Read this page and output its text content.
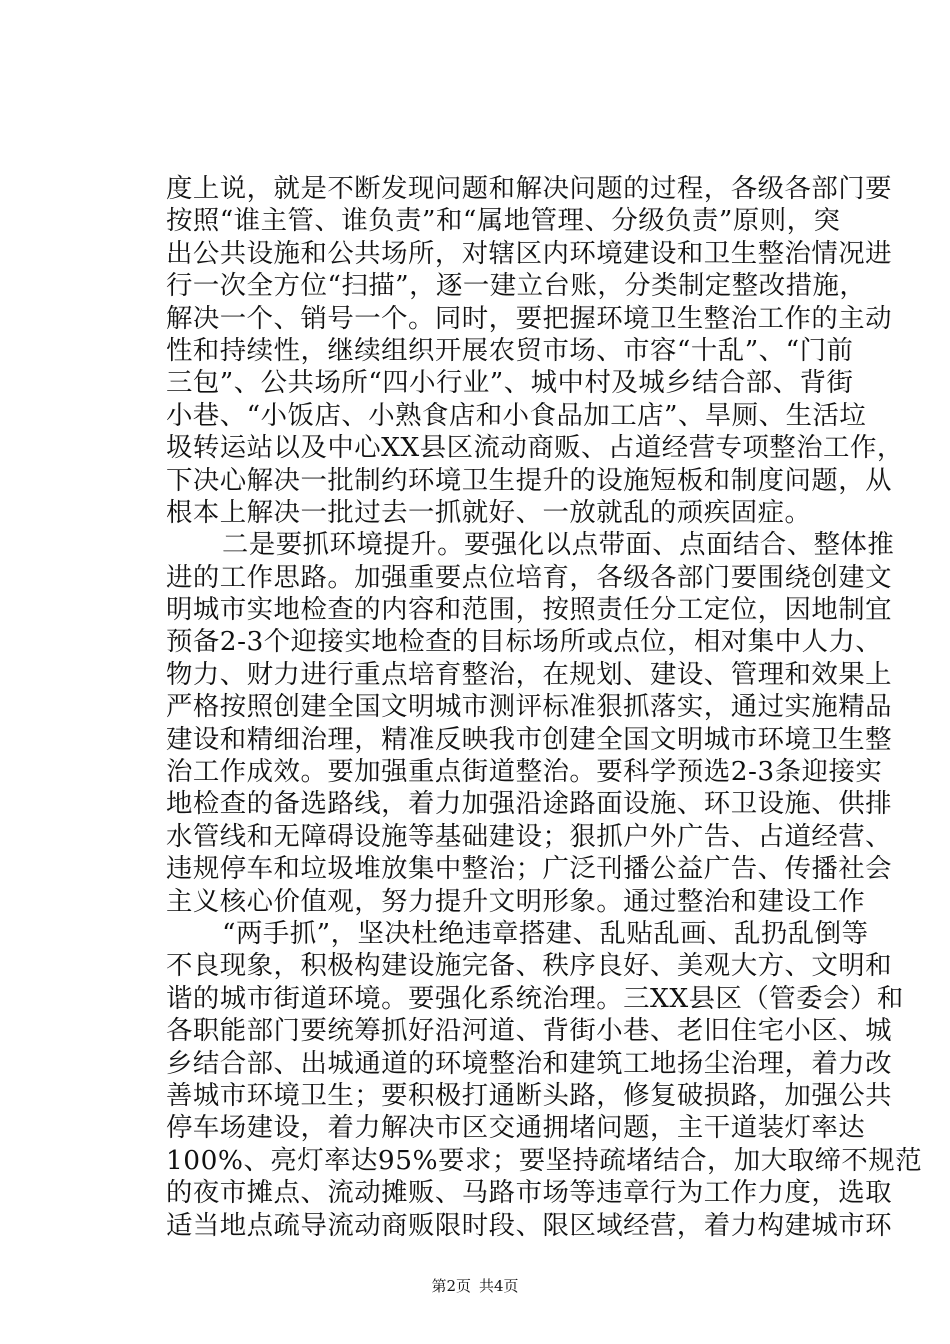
度上说，就是不断发现问题和解决问题的过程，各级各部门要
按照“谁主管、谁负责”和“属地管理、分级负责”原则，突
出公共设施和公共场所，对辖区内环境建设和卫生整治情况进
行一次全方位“扫描”，逐一建立台账，分类制定整改措施，
解决一个、销号一个。同时，要把握环境卫生整治工作的主动
性和持续性，继续组织开展农贸市场、市容“十乱”、“门前
三包”、公共场所“四小行业”、城中村及城乡结合部、背街
小巷、“小饭店、小熟食店和小食品加工店”、旱厕、生活垃
圾转运站以及中心XX县区流动商贩、占道经营专项整治工作，
下决心解决一批制约环境卫生提升的设施短板和制度问题，从
根本上解决一批过去一抓就好、一放就乱的顽疾固症。
二是要抓环境提升。要强化以点带面、点面结合、整体推
进的工作思路。加强重要点位培育，各级各部门要围绕创建文
明城市实地检查的内容和范围，按照责任分工定位，因地制宜
预备2-3个迎接实地检查的目标场所或点位，相对集中人力、
物力、财力进行重点培育整治，在规划、建设、管理和效果上
严格按照创建全国文明城市测评标准狠抓落实，通过实施精品
建设和精细治理，精准反映我市创建全国文明城市环境卫生整
治工作成效。要加强重点街道整治。要科学预选2-3条迎接实
地检查的备选路线，着力加强沿途路面设施、环卫设施、供排
水管线和无障碍设施等基础建设；狠抓户外广告、占道经营、
违规停车和垃圾堆放集中整治；广泛刊播公益广告、传播社会
主义核心价值观，努力提升文明形象。通过整治和建设工作
“两手抓”，坚决杜绝违章搭建、乱贴乱画、乱扔乱倒等
不良现象，积极构建设施完备、秩序良好、美观大方、文明和
谐的城市街道环境。要强化系统治理。三XX县区（管委会）和
各职能部门要统筹抓好沿河道、背街小巷、老旧住宅小区、城
乡结合部、出城通道的环境整治和建筑工地扬尘治理，着力改
善城市环境卫生；要积极打通断头路，修复破损路，加强公共
停车场建设，着力解决市区交通拥堵问题，主干道装灯率达
100%、亮灯率达95%要求；要坚持疏堵结合，加大取缔不规范
的夜市摊点、流动摊贩、马路市场等违章行为工作力度，选取
适当地点疏导流动商贩限时段、限区域经营，着力构建城市环
第2页 共4页
